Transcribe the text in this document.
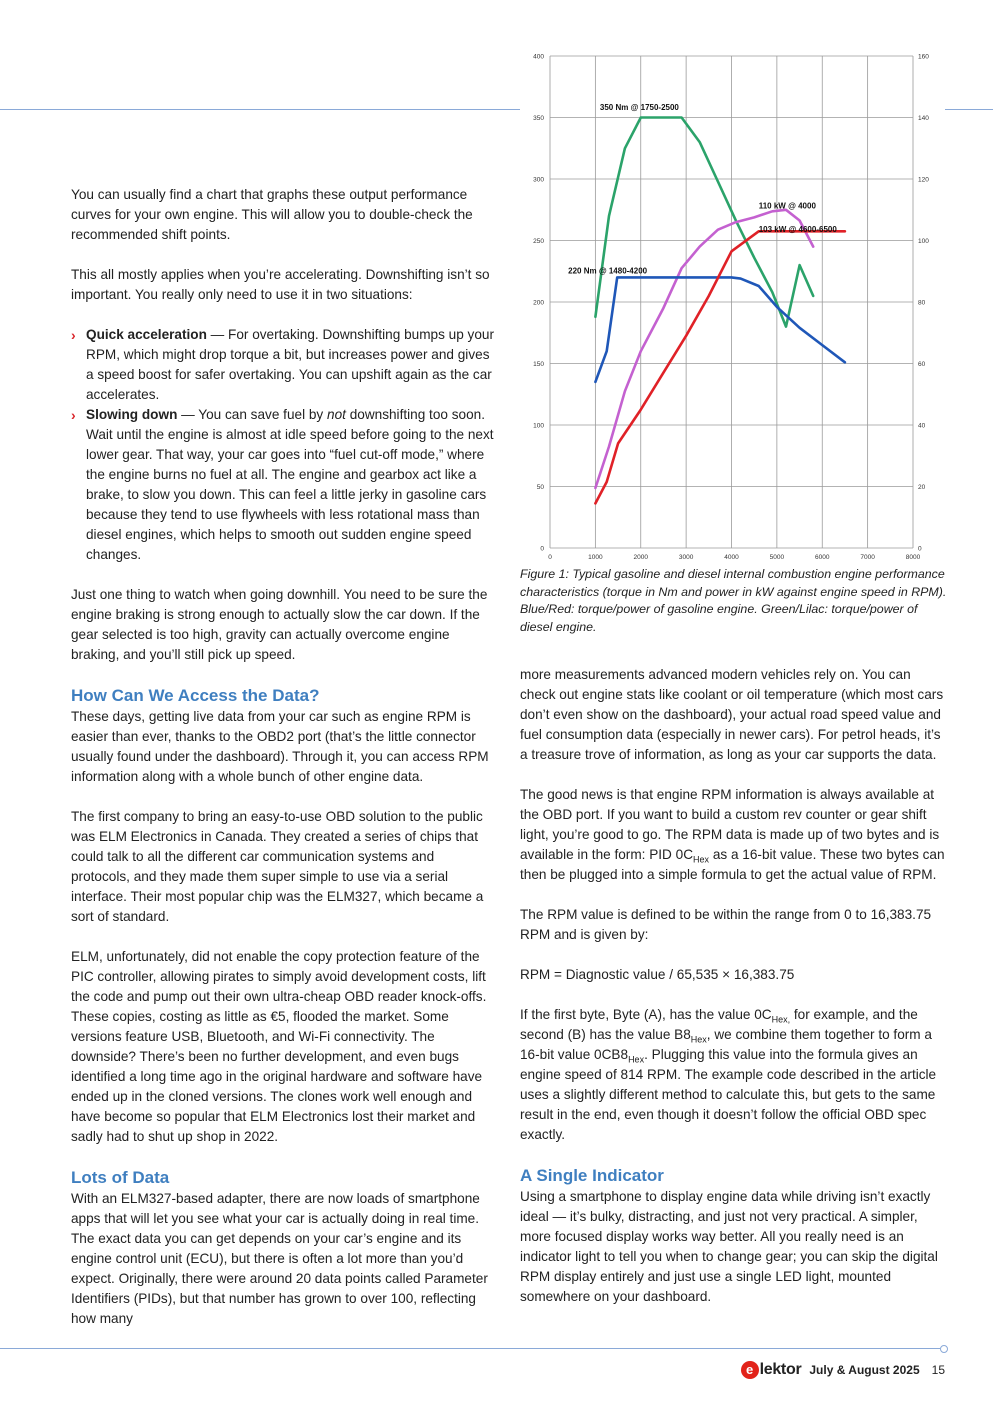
You can usually find a chart that graphs these output performance curves for your own engine. This will allow you to double-check the recommended shift points.

This all mostly applies when you’re accelerating. Downshifting isn’t so important. You really only need to use it in two situations:

› Quick acceleration — For overtaking. Downshifting bumps up your RPM, which might drop torque a bit, but increases power and gives a speed boost for safer overtaking. You can upshift again as the car accelerates.
› Slowing down — You can save fuel by not downshifting too soon. Wait until the engine is almost at idle speed before going to the next lower gear. That way, your car goes into “fuel cut-off mode,” where the engine burns no fuel at all. The engine and gearbox act like a brake, to slow you down. This can feel a little jerky in gasoline cars because they tend to use flywheels with less rotational mass than diesel engines, which helps to smooth out sudden engine speed changes.

Just one thing to watch when going downhill. You need to be sure the engine braking is strong enough to actually slow the car down. If the gear selected is too high, gravity can actually overcome engine braking, and you’ll still pick up speed.

How Can We Access the Data?

These days, getting live data from your car such as engine RPM is easier than ever, thanks to the OBD2 port (that’s the little connector usually found under the dashboard). Through it, you can access RPM information along with a whole bunch of other engine data.

The first company to bring an easy-to-use OBD solution to the public was ELM Electronics in Canada. They created a series of chips that could talk to all the different car communication systems and protocols, and they made them super simple to use via a serial interface. Their most popular chip was the ELM327, which became a sort of standard.

ELM, unfortunately, did not enable the copy protection feature of the PIC controller, allowing pirates to simply avoid development costs, lift the code and pump out their own ultra-cheap OBD reader knock-offs. These copies, costing as little as €5, flooded the market. Some versions feature USB, Bluetooth, and Wi-Fi connectivity. The downside? There’s been no further development, and even bugs identified a long time ago in the original hardware and software have ended up in the cloned versions. The clones work well enough and have become so popular that ELM Electronics lost their market and sadly had to shut up shop in 2022.

Lots of Data

With an ELM327-based adapter, there are now loads of smartphone apps that will let you see what your car is actually doing in real time. The exact data you can get depends on your car’s engine and its engine control unit (ECU), but there is often a lot more than you’d expect. Originally, there were around 20 data points called Parameter Identifiers (PIDs), but that number has grown to over 100, reflecting how many

0	1000	2000	3000	4000	5000	6000	7000	8000
0
50
100
150
200
250
300
350
400
0
20
40
60
80
100
120
140
160
350 Nm @ 1750-2500
110 kW @ 4000
103 kW @ 4600-6500
220 Nm @ 1480-4200
Figure 1: Typical gasoline and diesel internal combustion engine performance characteristics (torque in Nm and power in kW against engine speed in RPM). Blue/Red: torque/power of gasoline engine. Green/Lilac: torque/power of diesel engine.

more measurements advanced modern vehicles rely on. You can check out engine stats like coolant or oil temperature (which most cars don’t even show on the dashboard), your actual road speed value and fuel consumption data (especially in newer cars). For petrol heads, it’s a treasure trove of information, as long as your car supports the data.

The good news is that engine RPM information is always available at the OBD port. If you want to build a custom rev counter or gear shift light, you’re good to go. The RPM data is made up of two bytes and is available in the form: PID $0C_{Hex}$ as a 16-bit value. These two bytes can then be plugged into a simple formula to get the actual value of RPM.

The RPM value is defined to be within the range from 0 to 16,383.75 RPM and is given by:

RPM = Diagnostic value / 65,535 × 16,383.75

If the first byte, Byte (A), has the value $0C_{Hex,}$ for example, and the second (B) has the value $B8_{Hex}$, we combine them together to form a 16-bit value $0CB8_{Hex}$. Plugging this value into the formula gives an engine speed of 814 RPM. The example code described in the article uses a slightly different method to calculate this, but gets to the same result in the end, even though it doesn’t follow the official OBD spec exactly.

A Single Indicator

Using a smartphone to display engine data while driving isn’t exactly ideal — it’s bulky, distracting, and just not very practical. A simpler, more focused display works way better. All you really need is an indicator light to tell you when to change gear; you can skip the digital RPM display entirely and just use a single LED light, mounted somewhere on your dashboard.

e lektor July & August 2025 15
